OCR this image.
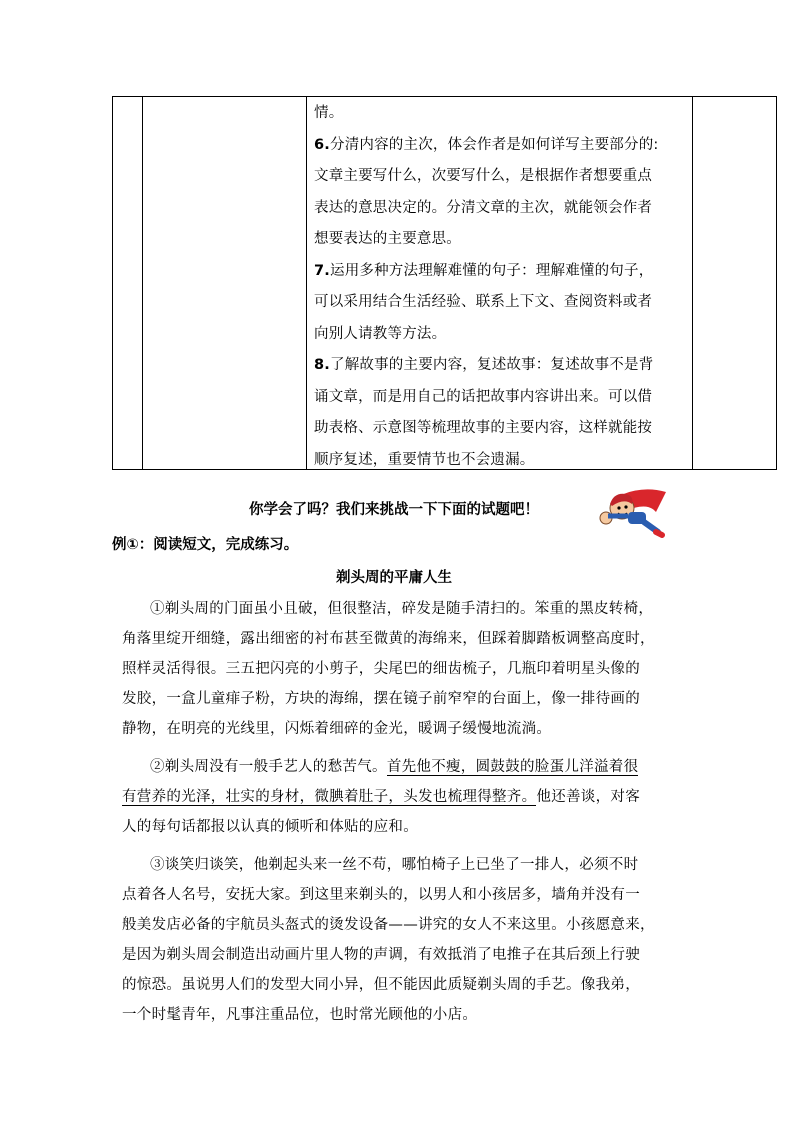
情。

6.分清内容的主次，体会作者是如何详写主要部分的:

文章主要写什么，次要写什么，是根据作者想要重点

表达的意思决定的。分清文章的主次，就能领会作者

想要表达的主要意思。

7.运用多种方法理解难懂的句子：理解难懂的句子，

可以采用结合生活经验、联系上下文、查阅资料或者

向别人请教等方法。

8.了解故事的主要内容，复述故事：复述故事不是背

诵文章，而是用自己的话把故事内容讲出来。可以借

助表格、示意图等梳理故事的主要内容，这样就能按

顺序复述，重要情节也不会遗漏。

你学会了吗？我们来挑战一下下面的试题吧！
例①：阅读短文，完成练习。
剃头周的平庸人生

①剃头周的门面虽小且破，但很整洁，碎发是随手清扫的。笨重的黑皮转椅，
角落里绽开细缝，露出细密的衬布甚至微黄的海绵来，但踩着脚踏板调整高度时，
照样灵活得很。三五把闪亮的小剪子，尖尾巴的细齿梳子，几瓶印着明星头像的
发胶，一盒儿童痱子粉，方块的海绵，摆在镜子前窄窄的台面上，像一排待画的
静物，在明亮的光线里，闪烁着细碎的金光，暖调子缓慢地流淌。

②剃头周没有一般手艺人的愁苦气。首先他不瘦，圆鼓鼓的脸蛋儿洋溢着很
有营养的光泽，壮实的身材，微腆着肚子，头发也梳理得整齐。他还善谈，对客
人的每句话都报以认真的倾听和体贴的应和。

③谈笑归谈笑，他剃起头来一丝不苟，哪怕椅子上已坐了一排人，必须不时
点着各人名号，安抚大家。到这里来剃头的，以男人和小孩居多，墙角并没有一
般美发店必备的宇航员头盔式的烫发设备——讲究的女人不来这里。小孩愿意来，
是因为剃头周会制造出动画片里人物的声调，有效抵消了电推子在其后颈上行驶
的惊恐。虽说男人们的发型大同小异，但不能因此质疑剃头周的手艺。像我弟，
一个时髦青年，凡事注重品位，也时常光顾他的小店。
